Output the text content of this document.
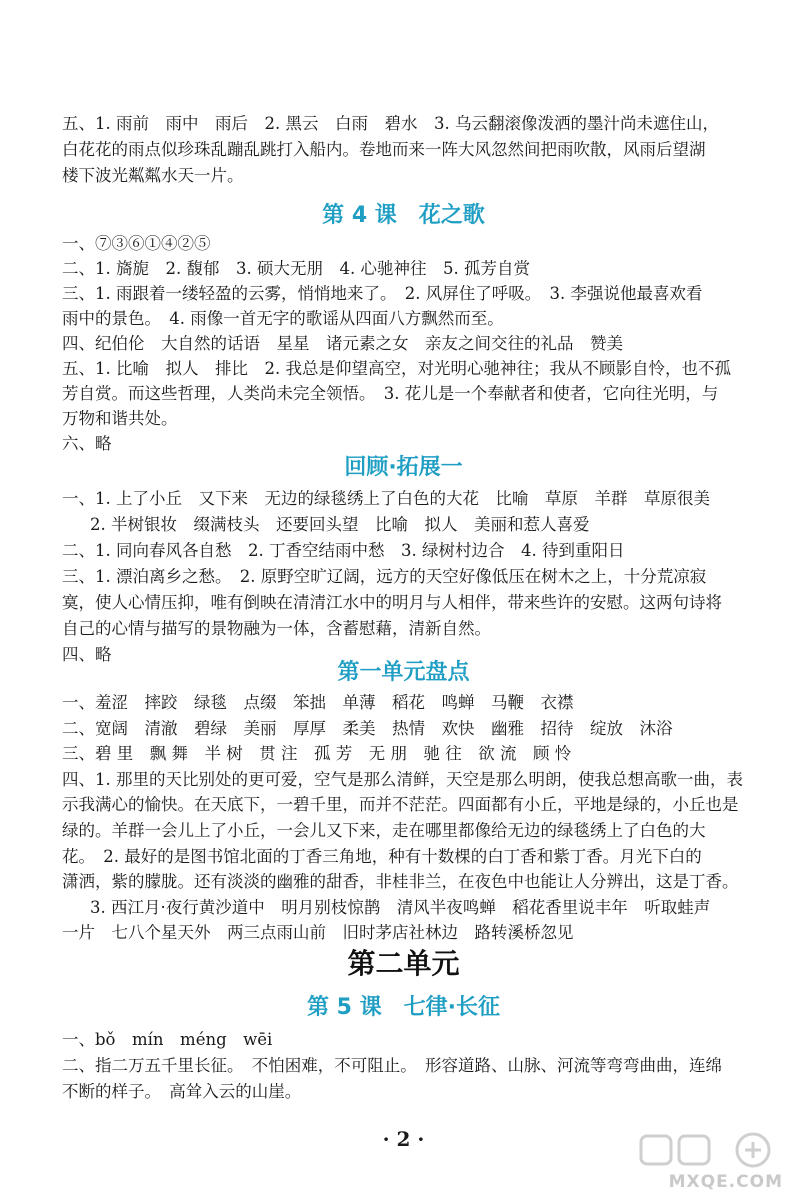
五、1. 雨前　雨中　雨后　2. 黑云　白雨　碧水　3. 乌云翻滚像泼洒的墨汁尚未遮住山，
白花花的雨点似珍珠乱蹦乱跳打入船内。卷地而来一阵大风忽然间把雨吹散，风雨后望湖
楼下波光粼粼水天一片。
第 4 课　花之歌
一、⑦③⑥①④②⑤
二、1. 旖旎　2. 馥郁　3. 硕大无朋　4. 心驰神往　5. 孤芳自赏
三、1. 雨跟着一缕轻盈的云雾，悄悄地来了。　2. 风屏住了呼吸。　3. 李强说他最喜欢看
雨中的景色。　4. 雨像一首无字的歌谣从四面八方飘然而至。
四、纪伯伦　大自然的话语　星星　诸元素之女　亲友之间交往的礼品　赞美
五、1. 比喻　拟人　排比　2. 我总是仰望高空，对光明心驰神往；我从不顾影自怜，也不孤
芳自赏。而这些哲理，人类尚未完全领悟。　3. 花儿是一个奉献者和使者，它向往光明，与
万物和谐共处。
六、略
回顾·拓展一
一、1. 上了小丘　又下来　无边的绿毯绣上了白色的大花　比喻　草原　羊群　草原很美
2. 半树银妆　缀满枝头　还要回头望　比喻　拟人　美丽和惹人喜爱
二、1. 同向春风各自愁　2. 丁香空结雨中愁　3. 绿树村边合　4. 待到重阳日
三、1. 漂泊离乡之愁。　2. 原野空旷辽阔，远方的天空好像低压在树木之上，十分荒凉寂
寞，使人心情压抑，唯有倒映在清清江水中的明月与人相伴，带来些许的安慰。这两句诗将
自己的心情与描写的景物融为一体，含蓄慰藉，清新自然。
四、略
第一单元盘点
一、羞涩　摔跤　绿毯　点缀　笨拙　单薄　稻花　鸣蝉　马鞭　衣襟
二、宽阔　清澈　碧绿　美丽　厚厚　柔美　热情　欢快　幽雅　招待　绽放　沐浴
三、碧 里　飘 舞　半 树　贯 注　孤 芳　无 朋　驰 往　欲 流　顾 怜
四、1. 那里的天比别处的更可爱，空气是那么清鲜，天空是那么明朗，使我总想高歌一曲，表
示我满心的愉快。在天底下，一碧千里，而并不茫茫。四面都有小丘，平地是绿的，小丘也是
绿的。羊群一会儿上了小丘，一会儿又下来，走在哪里都像给无边的绿毯绣上了白色的大
花。　2. 最好的是图书馆北面的丁香三角地，种有十数棵的白丁香和紫丁香。月光下白的
潇洒，紫的朦胧。还有淡淡的幽雅的甜香，非桂非兰，在夜色中也能让人分辨出，这是丁香。
3. 西江月·夜行黄沙道中　明月别枝惊鹊　清风半夜鸣蝉　稻花香里说丰年　听取蛙声
一片　七八个星天外　两三点雨山前　旧时茅店社林边　路转溪桥忽见
第二单元
第 5 课　七律·长征
一、bǒ　mín　méng　wēi
· 2 ·
MXQE.COM
二、指二万五千里长征。　不怕困难，不可阻止。　形容道路、山脉、河流等弯弯曲曲，连绵
不断的样子。　高耸入云的山崖。
